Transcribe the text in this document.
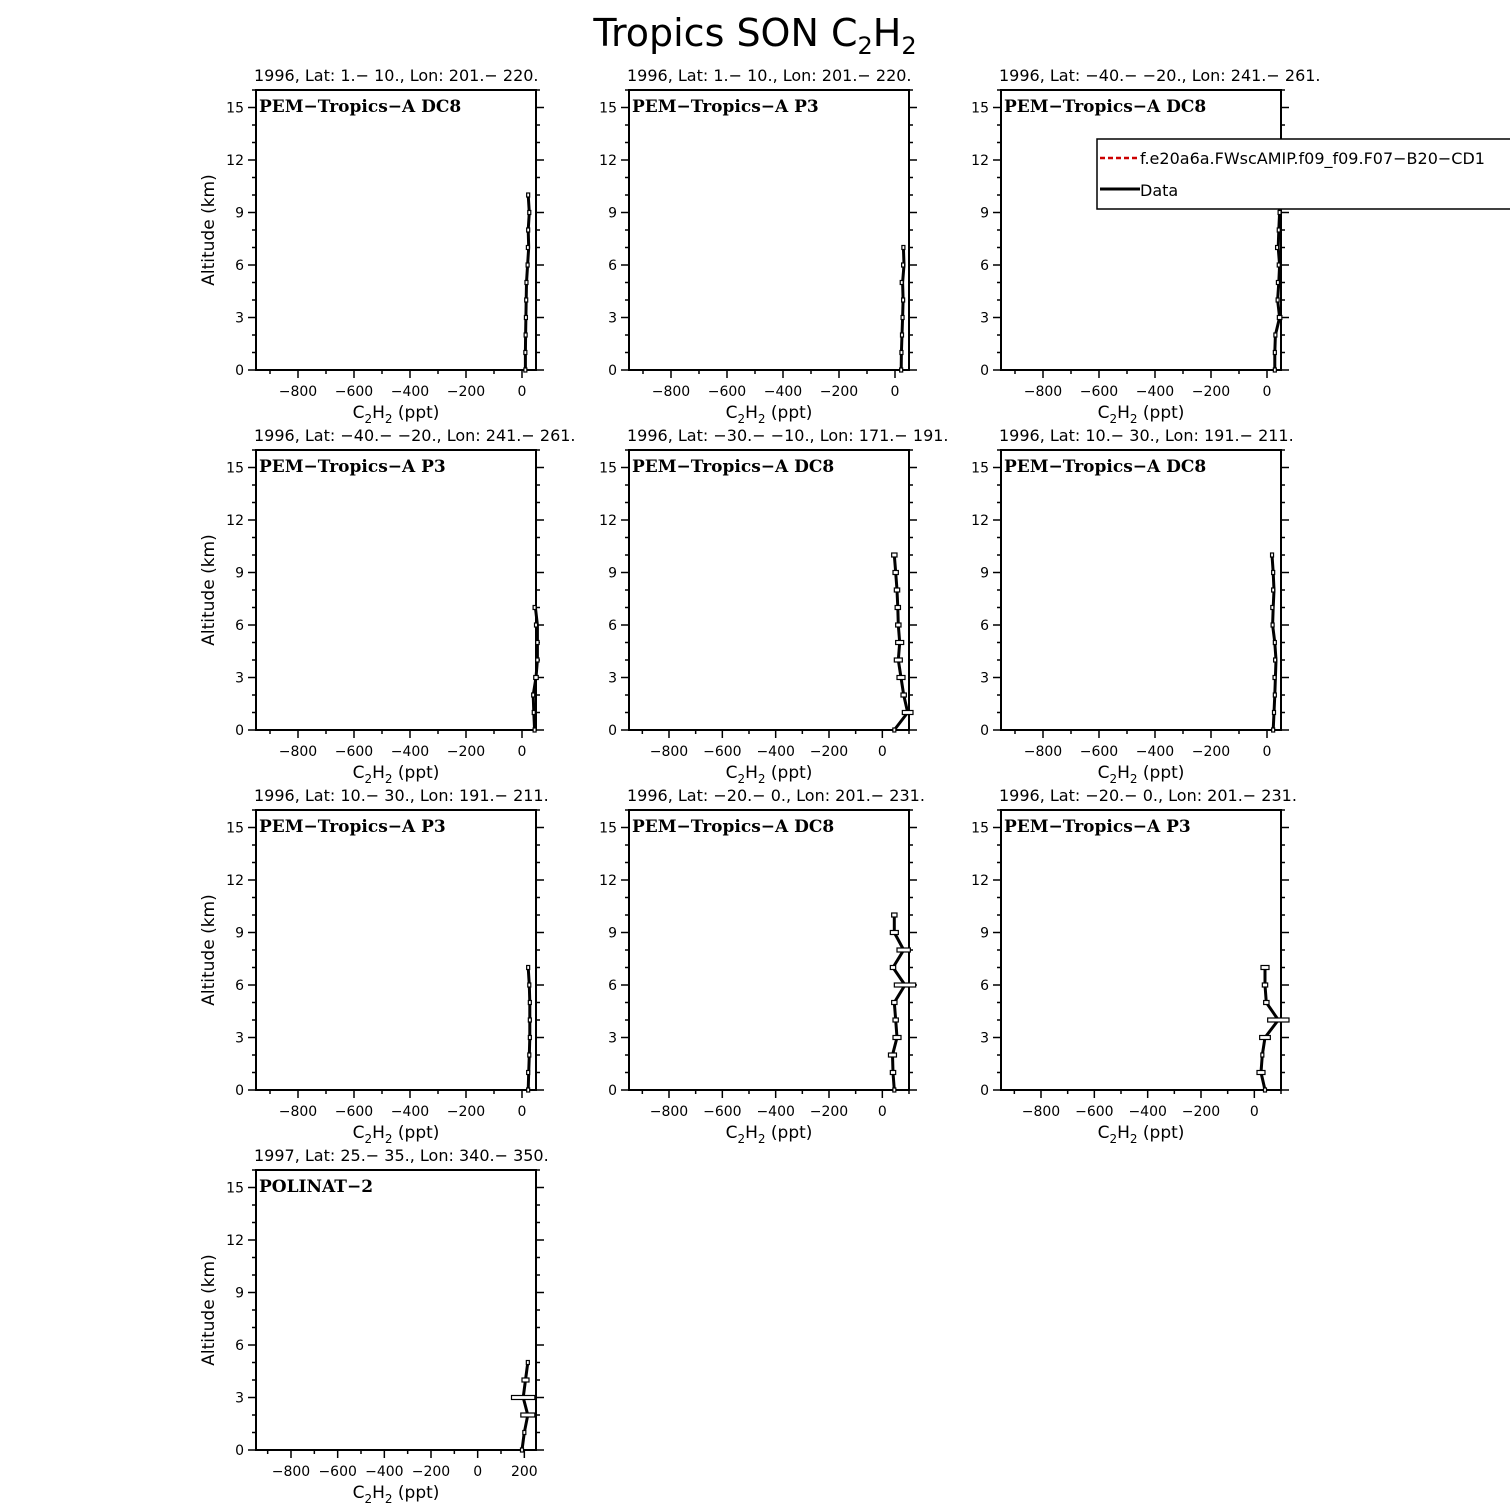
Tropics SON $C_2H_2$
1996, Lat: 1.− 10., Lon: 201.− 220.
PEM−Tropics−A DC8
0
3
6
9
12
15
−800 −600 −400 −200 0
$C_2H_2$ (ppt)
Altitude (km)
1996, Lat: 1.− 10., Lon: 201.− 220.
PEM−Tropics−A P3
0
3
6
9
12
15
−800 −600 −400 −200 0
$C_2H_2$ (ppt)
1996, Lat: −40.− −20., Lon: 241.− 261.
PEM−Tropics−A DC8
0
3
6
9
12
15
−800 −600 −400 −200 0
$C_2H_2$ (ppt)
1996, Lat: −40.− −20., Lon: 241.− 261.
PEM−Tropics−A P3
0
3
6
9
12
15
−800 −600 −400 −200 0
$C_2H_2$ (ppt)
Altitude (km)
1996, Lat: −30.− −10., Lon: 171.− 191.
PEM−Tropics−A DC8
0
3
6
9
12
15
−800 −600 −400 −200 0
$C_2H_2$ (ppt)
1996, Lat: 10.− 30., Lon: 191.− 211.
PEM−Tropics−A DC8
0
3
6
9
12
15
−800 −600 −400 −200 0
$C_2H_2$ (ppt)
1996, Lat: 10.− 30., Lon: 191.− 211.
PEM−Tropics−A P3
0
3
6
9
12
15
−800 −600 −400 −200 0
$C_2H_2$ (ppt)
Altitude (km)
1996, Lat: −20.− 0., Lon: 201.− 231.
PEM−Tropics−A DC8
0
3
6
9
12
15
−800 −600 −400 −200 0
$C_2H_2$ (ppt)
1996, Lat: −20.− 0., Lon: 201.− 231.
PEM−Tropics−A P3
0
3
6
9
12
15
−800 −600 −400 −200 0
$C_2H_2$ (ppt)
1997, Lat: 25.− 35., Lon: 340.− 350.
POLINAT−2
0
3
6
9
12
15
−800 −600 −400 −200 0 200
$C_2H_2$ (ppt)
Altitude (km)
f.e20a6a.FWscAMIP.f09_f09.F07−B20−CD1
Data
